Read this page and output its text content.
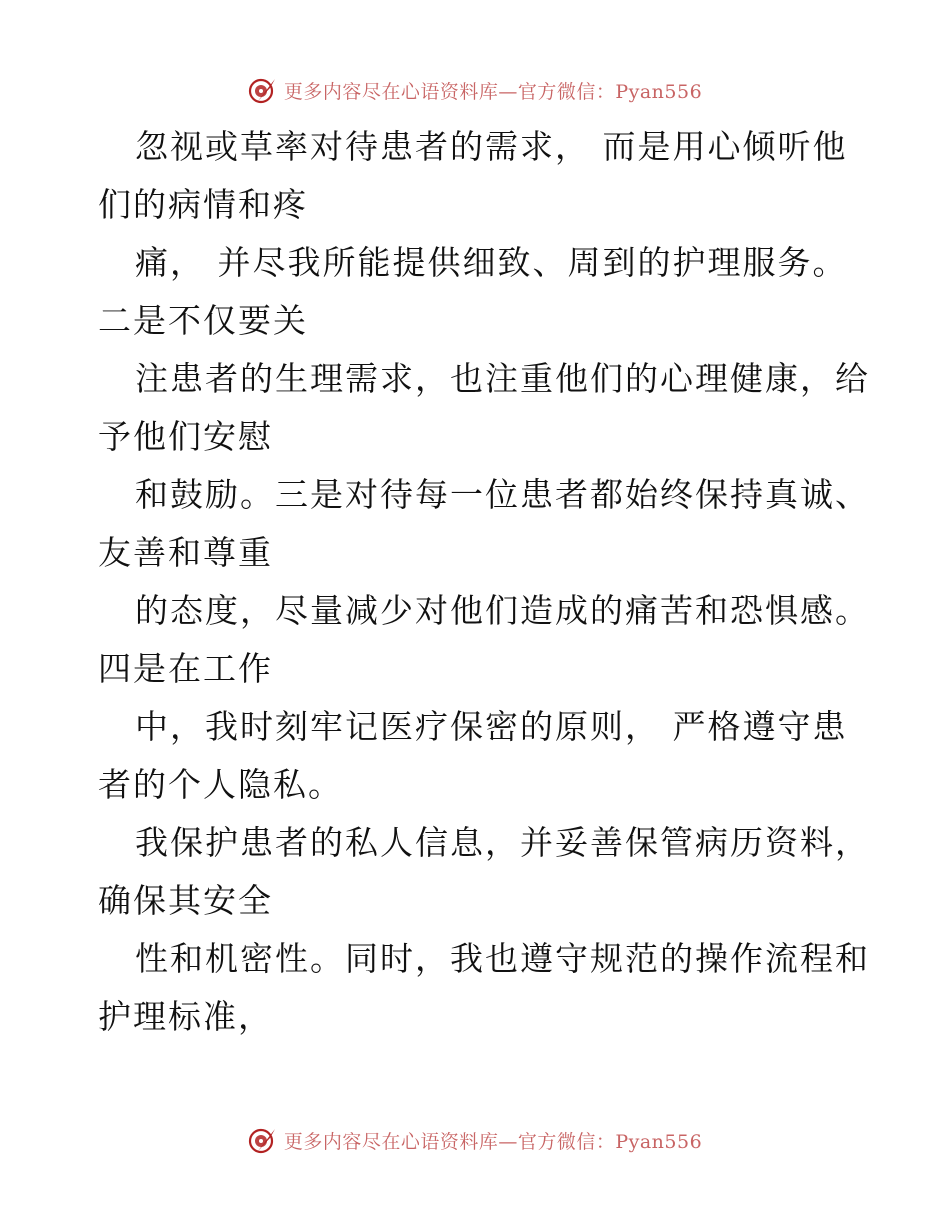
更多内容尽在心语资料库—官方微信：Pyan556
忽视或草率对待患者的需求， 而是用心倾听他
们的病情和疼
痛， 并尽我所能提供细致、周到的护理服务。
二是不仅要关
注患者的生理需求，也注重他们的心理健康，给
予他们安慰
和鼓励。三是对待每一位患者都始终保持真诚、
友善和尊重
的态度，尽量减少对他们造成的痛苦和恐惧感。
四是在工作
中，我时刻牢记医疗保密的原则， 严格遵守患
者的个人隐私。
我保护患者的私人信息，并妥善保管病历资料，
确保其安全
性和机密性。同时，我也遵守规范的操作流程和
护理标准，
更多内容尽在心语资料库—官方微信：Pyan556
